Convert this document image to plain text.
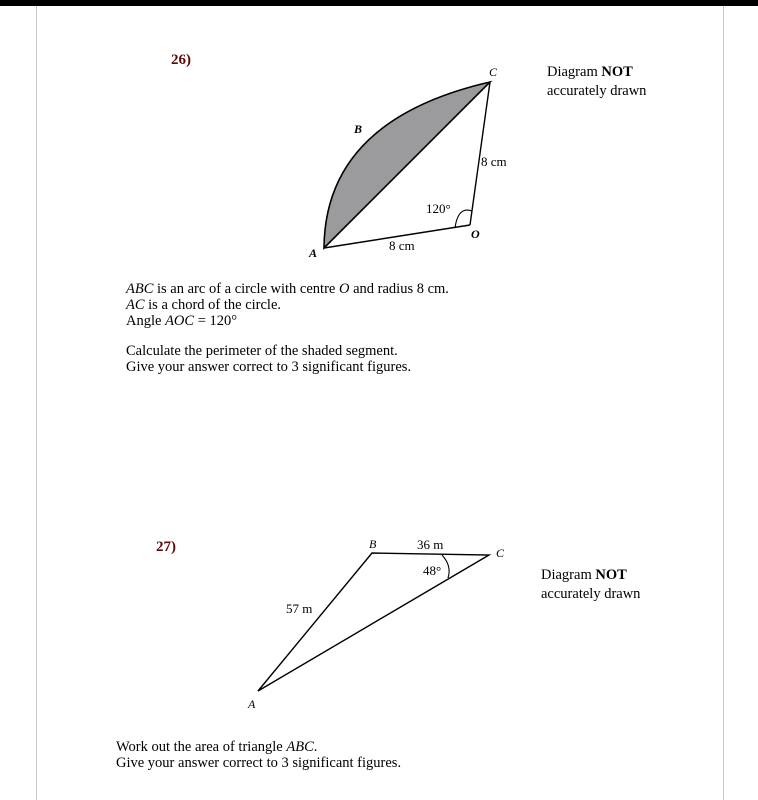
26)
Diagram NOT
accurately drawn
C
B
A
O
8 cm
8 cm
120°
ABC is an arc of a circle with centre O and radius 8 cm.
AC is a chord of the circle.
Angle AOC = 120°
Calculate the perimeter of the shaded segment.
Give your answer correct to 3 significant figures.
27)
Diagram NOT
accurately drawn
B
C
A
36 m
57 m
48°
Work out the area of triangle ABC.
Give your answer correct to 3 significant figures.
